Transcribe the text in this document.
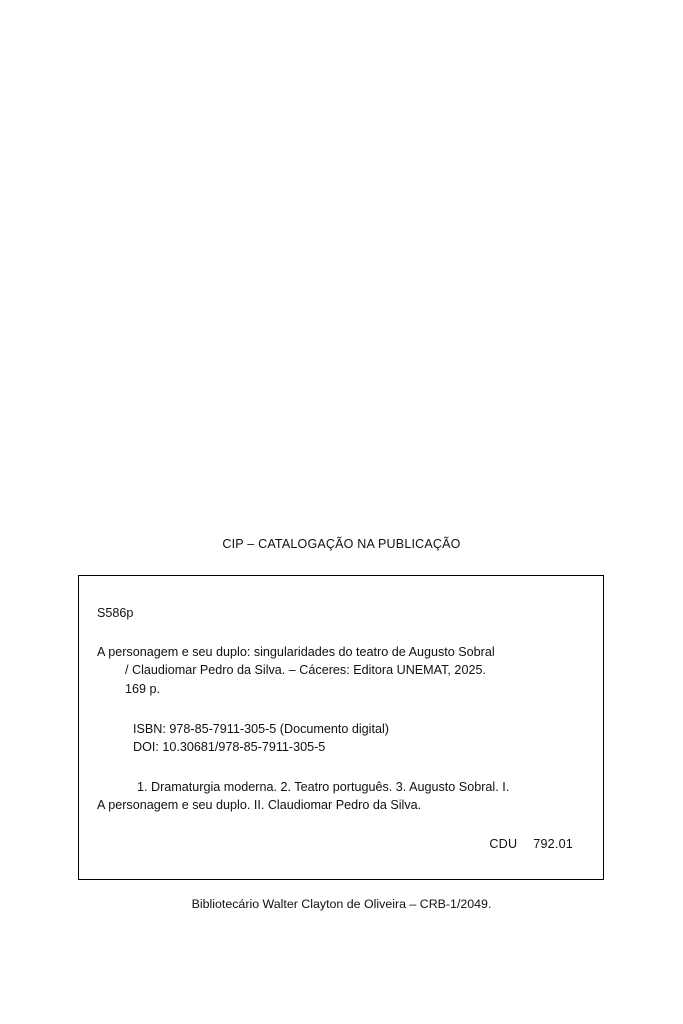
CIP – CATALOGAÇÃO NA PUBLICAÇÃO
S586p
A personagem e seu duplo: singularidades do teatro de Augusto Sobral
/ Claudiomar Pedro da Silva. – Cáceres: Editora UNEMAT, 2025.
169 p.
ISBN: 978-85-7911-305-5 (Documento digital)
DOI: 10.30681/978-85-7911-305-5
1. Dramaturgia moderna. 2. Teatro português. 3. Augusto Sobral. I.
A personagem e seu duplo. II. Claudiomar Pedro da Silva.
CDU 792.01
Bibliotecário Walter Clayton de Oliveira – CRB-1/2049.
